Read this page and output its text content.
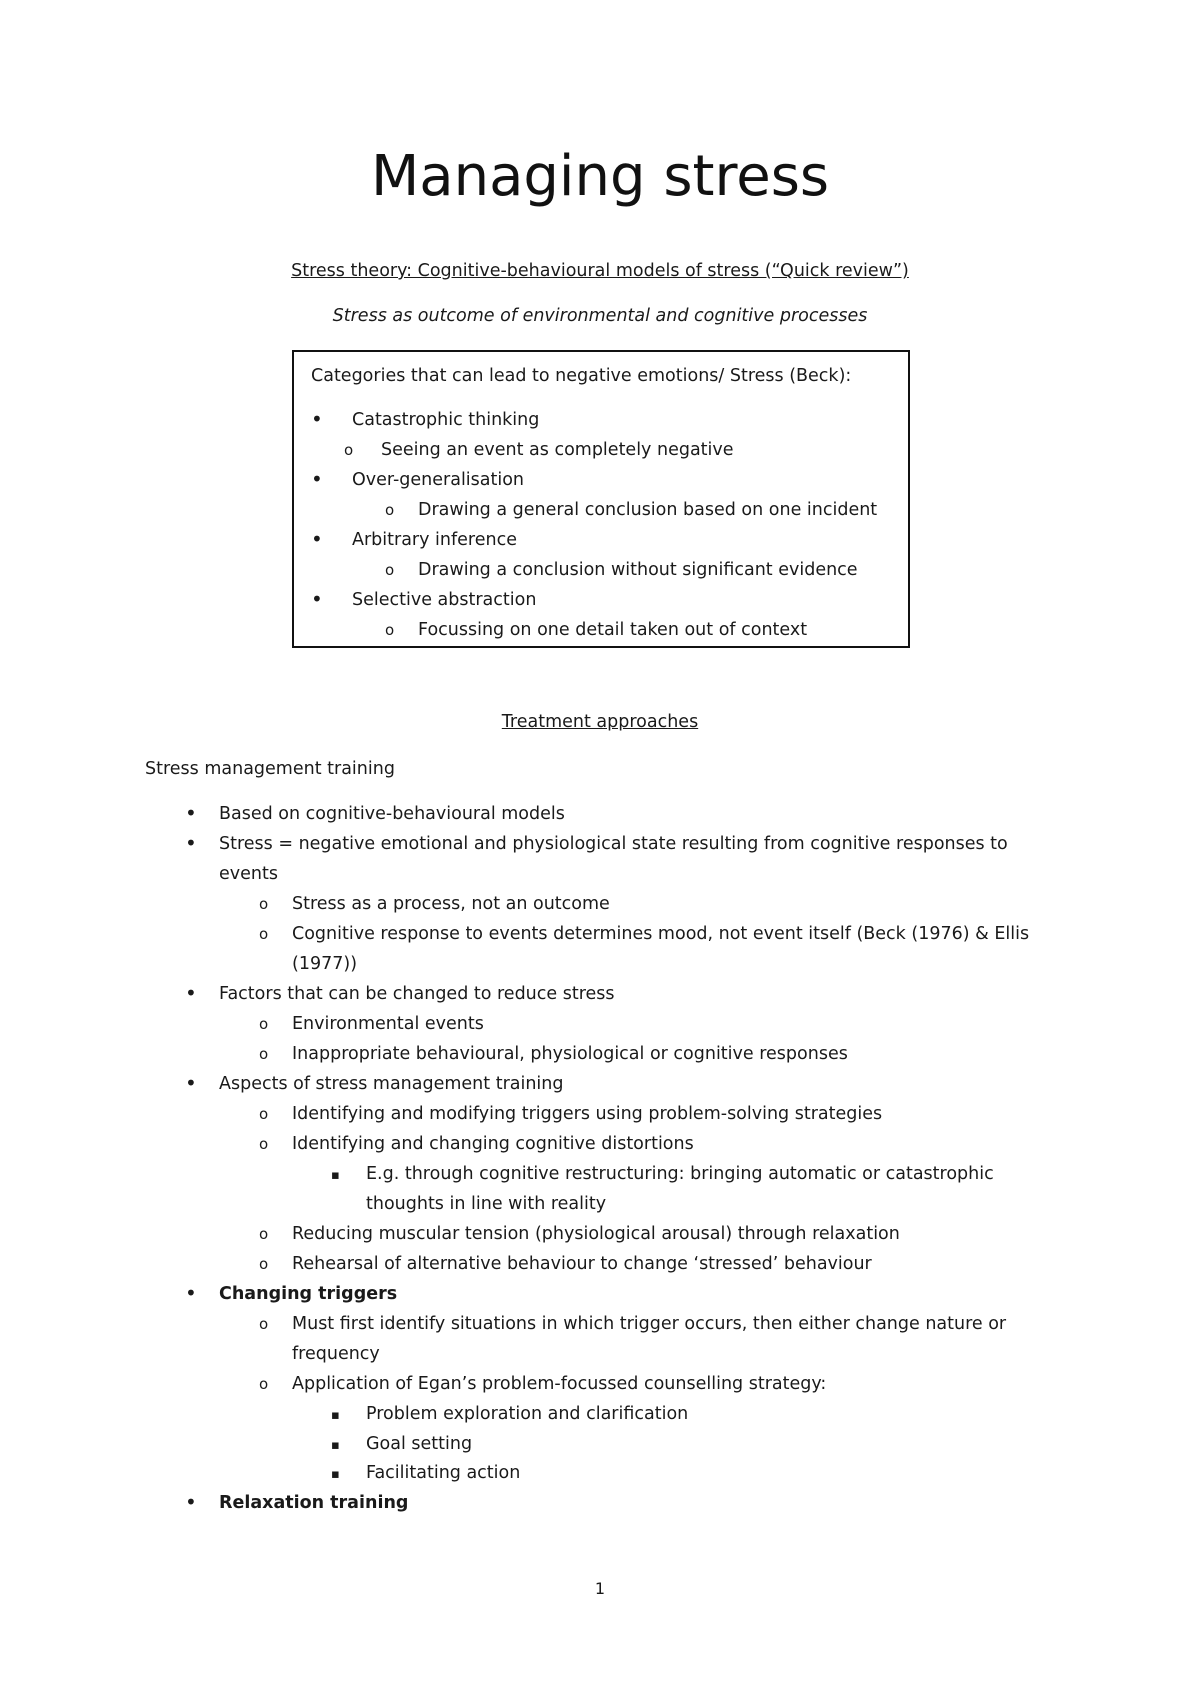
Managing stress
Stress theory: Cognitive-behavioural models of stress (“Quick review”)
Stress as outcome of environmental and cognitive processes
Categories that can lead to negative emotions/ Stress (Beck):
•
Catastrophic thinking
o
Seeing an event as completely negative
•
Over-generalisation
o
Drawing a general conclusion based on one incident
•
Arbitrary inference
o
Drawing a conclusion without significant evidence
•
Selective abstraction
o
Focussing on one detail taken out of context
Treatment approaches
Stress management training
•
Based on cognitive-behavioural models
•
Stress = negative emotional and physiological state resulting from cognitive responses to
events
o
Stress as a process, not an outcome
o
Cognitive response to events determines mood, not event itself (Beck (1976) & Ellis
(1977))
•
Factors that can be changed to reduce stress
o
Environmental events
o
Inappropriate behavioural, physiological or cognitive responses
•
Aspects of stress management training
o
Identifying and modifying triggers using problem-solving strategies
o
Identifying and changing cognitive distortions
▪
E.g. through cognitive restructuring: bringing automatic or catastrophic
thoughts in line with reality
o
Reducing muscular tension (physiological arousal) through relaxation
o
Rehearsal of alternative behaviour to change ‘stressed’ behaviour
•
Changing triggers
o
Must first identify situations in which trigger occurs, then either change nature or
frequency
o
Application of Egan’s problem-focussed counselling strategy:
▪
Problem exploration and clarification
▪
Goal setting
▪
Facilitating action
•
Relaxation training
1
